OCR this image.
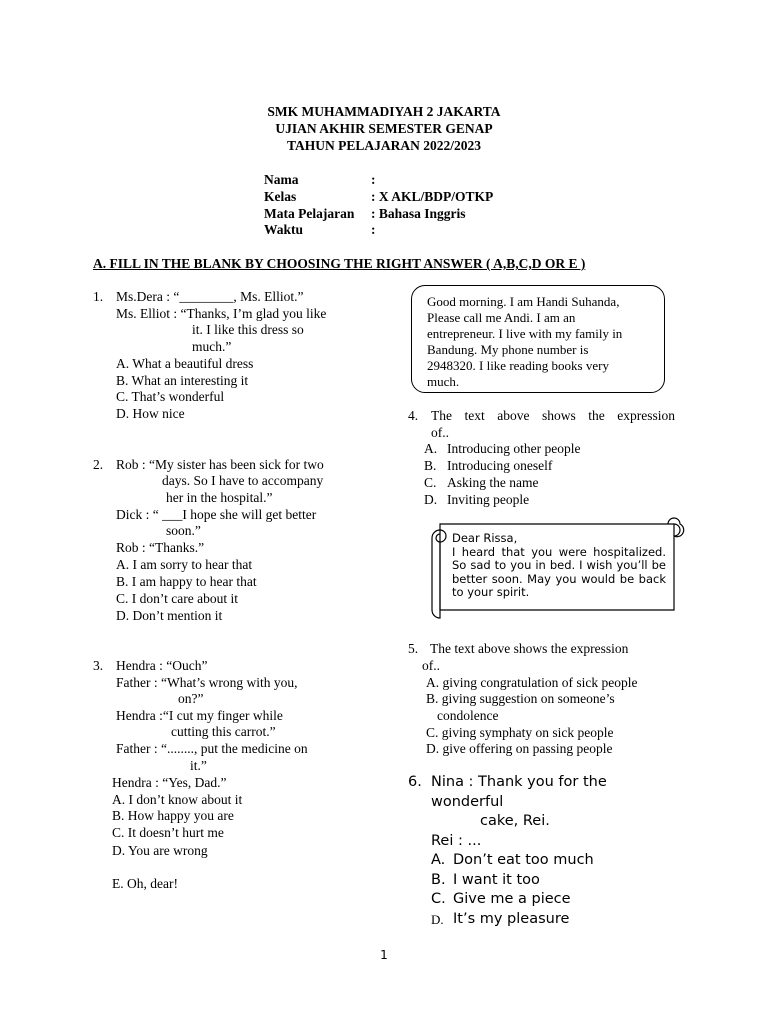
SMK MUHAMMADIYAH 2 JAKARTA
UJIAN AKHIR SEMESTER GENAP
TAHUN PELAJARAN 2022/2023
Nama	:
Kelas	: X AKL/BDP/OTKP
Mata Pelajaran : Bahasa Inggris
Waktu	:
A. FILL IN THE BLANK BY CHOOSING THE RIGHT ANSWER ( A,B,C,D OR E )
1. Ms.Dera : “________, Ms. Elliot.”
Ms. Elliot : “Thanks, I’m glad you like
it. I like this dress so
much.”
A. What a beautiful dress
B. What an interesting it
C. That’s wonderful
D. How nice
2. Rob : “My sister has been sick for two
days. So I have to accompany
her in the hospital.”
Dick : “ ___I hope she will get better
soon.”
Rob : “Thanks.”
A. I am sorry to hear that
B. I am happy to hear that
C. I don’t care about it
D. Don’t mention it
3. Hendra : “Ouch”
Father : “What’s wrong with you,
on?”
Hendra :“I cut my finger while
cutting this carrot.”
Father : “........, put the medicine on
it.”
Hendra : “Yes, Dad.”
A. I don’t know about it
B. How happy you are
C. It doesn’t hurt me
D. You are wrong
E. Oh, dear!
Good morning. I am Handi Suhanda,
Please call me Andi. I am an
entrepreneur. I live with my family in
Bandung. My phone number is
2948320. I like reading books very
much.
4. The text above shows the expression
of..
A. Introducing other people
B. Introducing oneself
C. Asking the name
D. Inviting people
Dear Rissa,
I heard that you were hospitalized. So sad to you in bed. I wish you’ll be better soon. May you would be back to your spirit.
5. The text above shows the expression
of..
A. giving congratulation of sick people
B. giving suggestion on someone’s
condolence
C. giving symphaty on sick people
D. give offering on passing people
6. Nina : Thank you for the
wonderful
cake, Rei.
Rei : ...
A. Don’t eat too much
B. I want it too
C. Give me a piece
D. It’s my pleasure
1
